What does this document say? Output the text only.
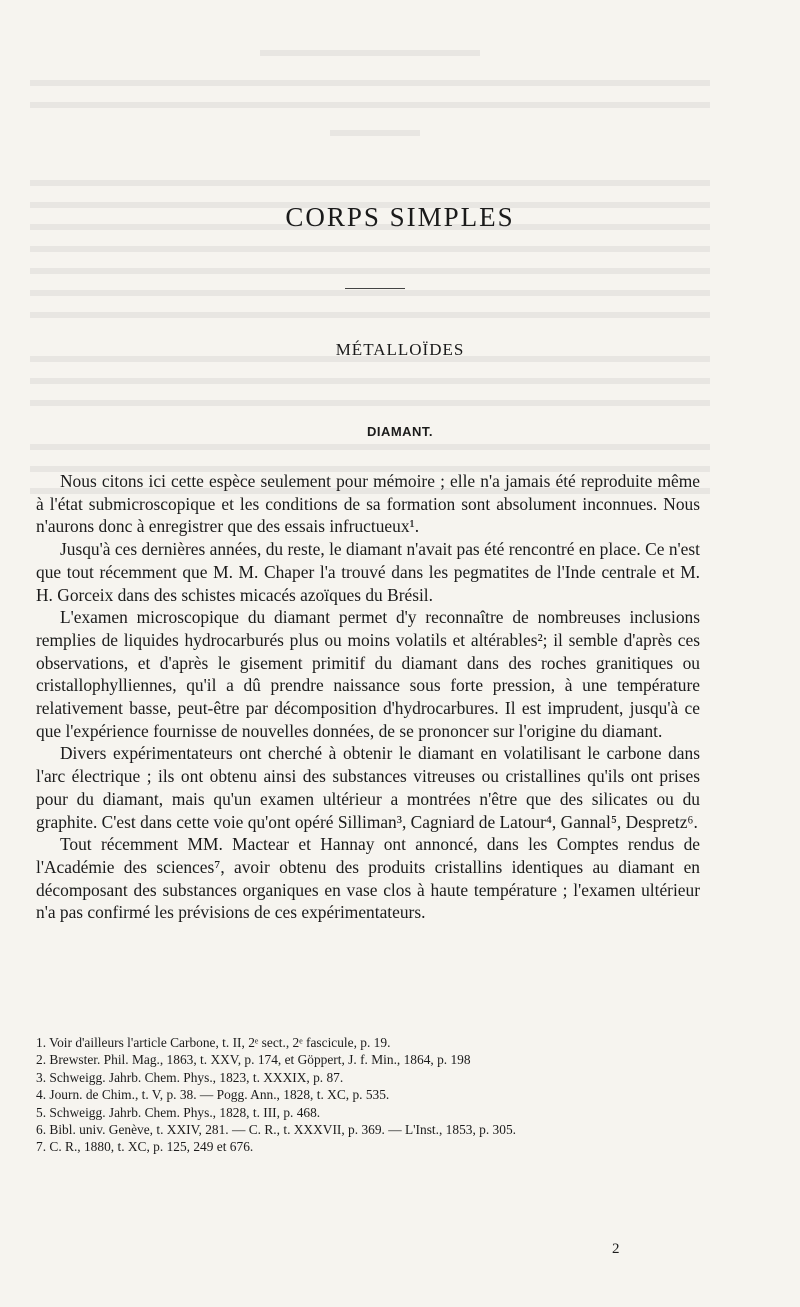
CORPS SIMPLES
MÉTALLOÏDES
DIAMANT.

Nous citons ici cette espèce seulement pour mémoire ; elle n'a jamais été reproduite même à l'état submicroscopique et les conditions de sa formation sont absolument inconnues. Nous n'aurons donc à enregistrer que des essais infructueux¹.

Jusqu'à ces dernières années, du reste, le diamant n'avait pas été rencontré en place. Ce n'est que tout récemment que M. M. Chaper l'a trouvé dans les pegmatites de l'Inde centrale et M. H. Gorceix dans des schistes micacés azoïques du Brésil.

L'examen microscopique du diamant permet d'y reconnaître de nombreuses inclusions remplies de liquides hydrocarburés plus ou moins volatils et altérables²; il semble d'après ces observations, et d'après le gisement primitif du diamant dans des roches granitiques ou cristallophylliennes, qu'il a dû prendre naissance sous forte pression, à une température relativement basse, peut-être par décomposition d'hydrocarbures. Il est imprudent, jusqu'à ce que l'expérience fournisse de nouvelles données, de se prononcer sur l'origine du diamant.

Divers expérimentateurs ont cherché à obtenir le diamant en volatilisant le carbone dans l'arc électrique ; ils ont obtenu ainsi des substances vitreuses ou cristallines qu'ils ont prises pour du diamant, mais qu'un examen ultérieur a montrées n'être que des silicates ou du graphite. C'est dans cette voie qu'ont opéré Silliman³, Cagniard de Latour⁴, Gannal⁵, Despretz⁶.

Tout récemment MM. Mactear et Hannay ont annoncé, dans les Comptes rendus de l'Académie des sciences⁷, avoir obtenu des produits cristallins identiques au diamant en décomposant des substances organiques en vase clos à haute température ; l'examen ultérieur n'a pas confirmé les prévisions de ces expérimentateurs.

1. Voir d'ailleurs l'article Carbone, t. II, 2ᵉ sect., 2ᵉ fascicule, p. 19.
2. Brewster. Phil. Mag., 1863, t. XXV, p. 174, et Göppert, J. f. Min., 1864, p. 198
3. Schweigg. Jahrb. Chem. Phys., 1823, t. XXXIX, p. 87.
4. Journ. de Chim., t. V, p. 38. — Pogg. Ann., 1828, t. XC, p. 535.
5. Schweigg. Jahrb. Chem. Phys., 1828, t. III, p. 468.
6. Bibl. univ. Genève, t. XXIV, 281. — C. R., t. XXXVII, p. 369. — L'Inst., 1853, p. 305.
7. C. R., 1880, t. XC, p. 125, 249 et 676.
2
